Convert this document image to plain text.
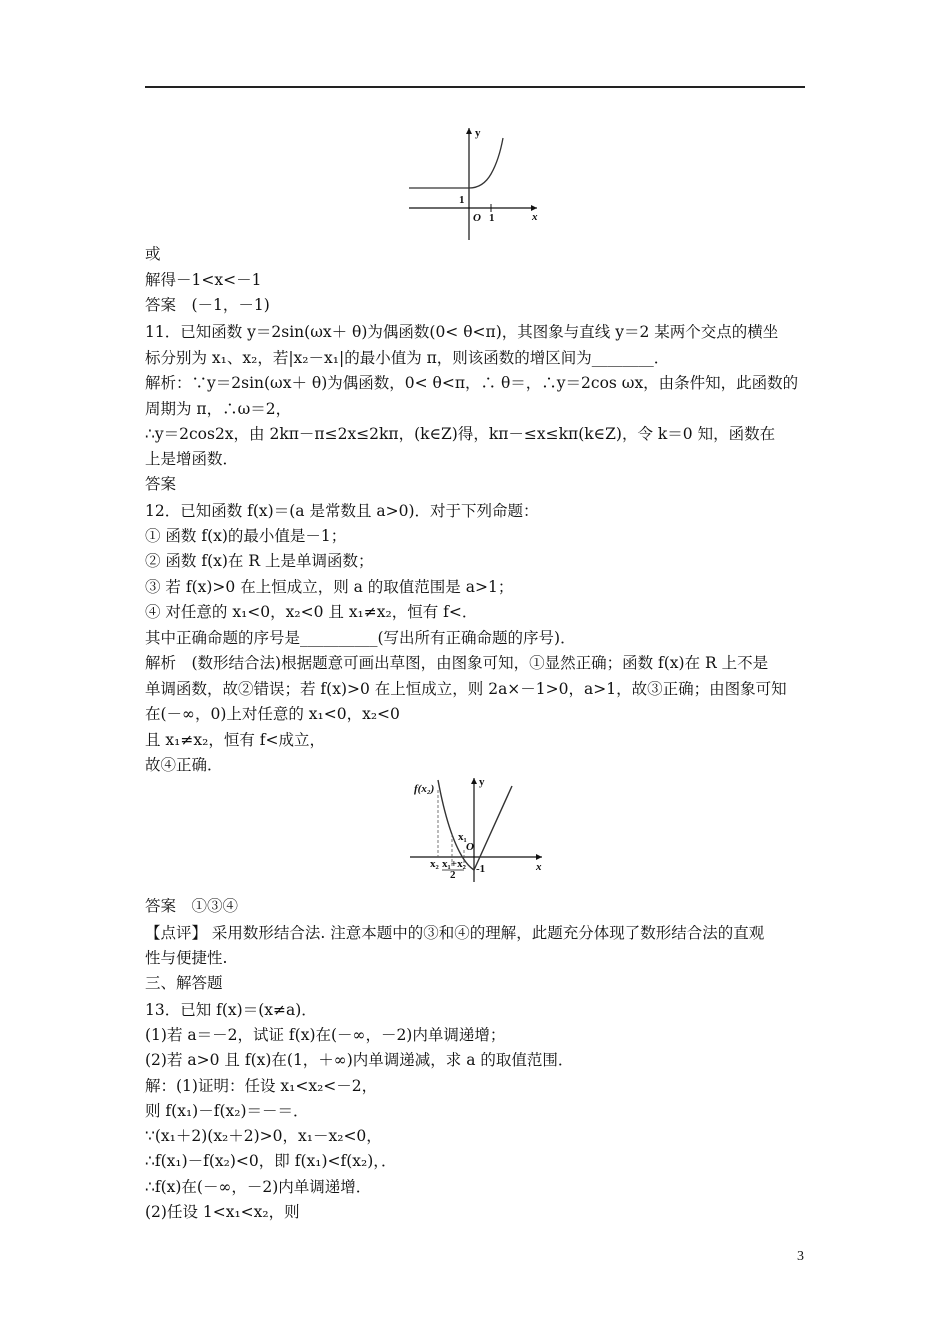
y
x
O
1
1
f(x₂)
y
x
O
x₁
x₂ x₁+x₂
2 -1
或
解得－1<x<－1
答案　(－1，－1)
11．已知函数 y＝2sin(ωx＋ θ)为偶函数(0< θ<π)，其图象与直线 y＝2 某两个交点的横坐
标分别为 x₁、x₂，若|x₂－x₁|的最小值为 π，则该函数的增区间为________．
解析：∵y＝2sin(ωx＋ θ)为偶函数，0< θ<π，∴ θ＝，∴y＝2cos ωx，由条件知，此函数的
周期为 π，∴ω＝2，
∴y＝2cos2x，由 2kπ－π≤2x≤2kπ，(k∈Z)得，kπ－≤x≤kπ(k∈Z)，令 k＝0 知，函数在
上是增函数．
答案
12．已知函数 f(x)＝(a 是常数且 a>0)．对于下列命题：
① 函数 f(x)的最小值是－1；
② 函数 f(x)在 R 上是单调函数；
③ 若 f(x)>0 在上恒成立，则 a 的取值范围是 a>1；
④ 对任意的 x₁<0，x₂<0 且 x₁≠x₂，恒有 f<．
其中正确命题的序号是__________(写出所有正确命题的序号)．
解析　(数形结合法)根据题意可画出草图，由图象可知，①显然正确；函数 f(x)在 R 上不是
单调函数，故②错误；若 f(x)>0 在上恒成立，则 2a×－1>0，a>1，故③正确；由图象可知
在(－∞，0)上对任意的 x₁<0，x₂<0
且 x₁≠x₂，恒有 f<成立，
故④正确．
答案　①③④
【点评】 采用数形结合法. 注意本题中的③和④的理解，此题充分体现了数形结合法的直观
性与便捷性.
三、解答题
13．已知 f(x)＝(x≠a)．
(1)若 a＝－2，试证 f(x)在(－∞，－2)内单调递增；
(2)若 a>0 且 f(x)在(1，＋∞)内单调递减，求 a 的取值范围．
解：(1)证明：任设 x₁<x₂<－2，
则 f(x₁)－f(x₂)＝－＝．
∵(x₁＋2)(x₂＋2)>0，x₁－x₂<0，
∴f(x₁)－f(x₂)<0，即 f(x₁)<f(x₂)，．
∴f(x)在(－∞，－2)内单调递增．
(2)任设 1<x₁<x₂，则
3
